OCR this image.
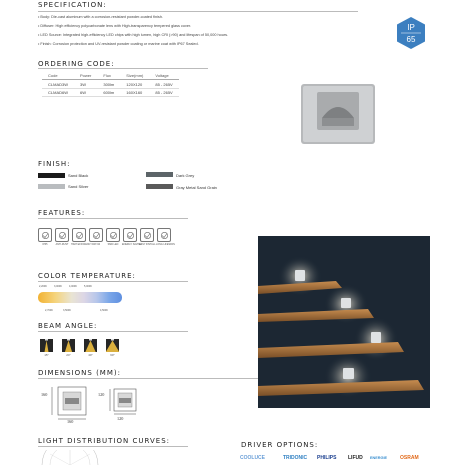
SPECIFICATION:
• Body: Die-cast aluminum with a corrosion-resistant powder-coated finish.
• Diffuser: High efficiency polycarbonate lens with High-transparency tempered glass cover.
• LED Source: Integrated high-efficiency LED chips with high lumen, high CRI (>90) and lifespan of 50,000 hours.
• Finish: Corrosion protection and UV-resistant powder coating or marine coat with IP67 Sealed.
IP
65
ORDERING CODE:
Code	Power	Flux	Size(mm)	Voltage
CLMAD3W	3W	300lm	120X120	85 - 265V
CLMAD6W	6W	600lm	160X160	85 - 265V
FINISH:
Sand Black	Dark Grey
Sand Silver	Gray Metal Sand Grain
FEATURES:
IP65	ANTI-RUST	HIGH EFFICIENCY CRI>90	SMD LED	ENERGY SAVING
EASY INSTALL LONG LIFESPAN
COLOR TEMPERATURE:
2,200K	3,000K	4,000K	5,000K
2,700K	3,500K	4,500K
BEAM ANGLE:
15°	24°	40°	60°
DIMENSIONS (MM):
160
160
120
120
LIGHT DISTRIBUTION CURVES:	DRIVER OPTIONS:
COOLUCE	TRIDONIC PHILIPS LIFUD ENERGIE	OSRAM
